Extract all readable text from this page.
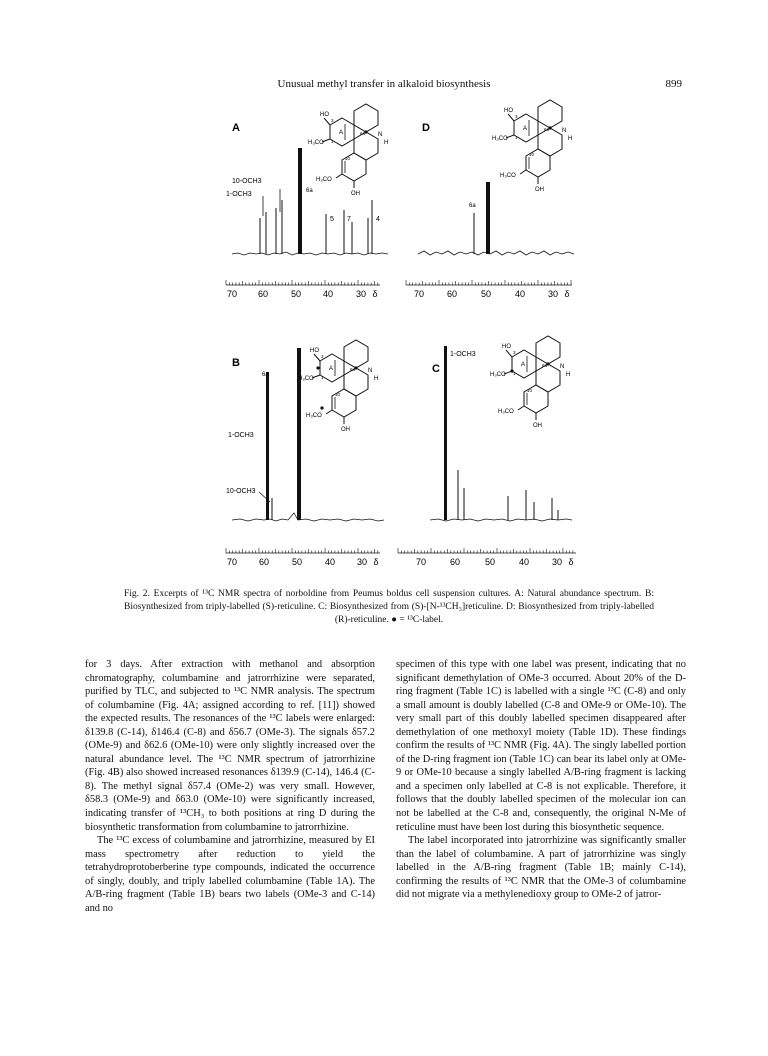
Unusual methyl transfer in alkaloid biosynthesis	899
6a	N
H
10
OH
A
10-OCH3
1-OCH3	6a
5 7	4
70 60	50 40	30 δ
D
6a
70	60	50	40	30 δ
B
6a
1-OCH3
10-OCH3
70 60	50	40 30 δ
C
1-OCH3
70	60	50	40	30 δ
Fig. 2. Excerpts of ¹³C NMR spectra of norboldine from Peumus boldus cell suspension cultures. A: Natural abundance spectrum. B: Biosynthesized from triply-labelled (S)-reticuline. C: Biosynthesized from (S)-[N-¹³CH₃]reticuline. D: Biosynthesized from triply-labelled (R)-reticuline. ● = ¹³C-label.

for 3 days. After extraction with methanol and absorption chromatography, columbamine and jatrorrhizine were separated, purified by TLC, and subjected to ¹³C NMR analysis. The spectrum of columbamine (Fig. 4A; assigned according to ref. [11]) showed the expected results. The resonances of the ¹³C labels were enlarged: δ139.8 (C-14), δ146.4 (C-8) and δ56.7 (OMe-3). The signals δ57.2 (OMe-9) and δ62.6 (OMe-10) were only slightly increased over the natural abundance level. The ¹³C NMR spectrum of jatrorrhizine (Fig. 4B) also showed increased resonances δ139.9 (C-14), 146.4 (C-8). The methyl signal δ57.4 (OMe-2) was very small. However, δ58.3 (OMe-9) and δ63.0 (OMe-10) were significantly increased, indicating transfer of ¹³CH₃ to both positions at ring D during the biosynthetic transformation from columbamine to jatrorrhizine.

The ¹³C excess of columbamine and jatrorrhizine, measured by EI mass spectrometry after reduction to yield the tetrahydroprotoberberine type compounds, indicated the occurrence of singly, doubly, and triply labelled columbamine (Table 1A). The A/B-ring fragment (Table 1B) bears two labels (OMe-3 and C-14) and no

specimen of this type with one label was present, indicating that no significant demethylation of OMe-3 occurred. About 20% of the D-ring fragment (Table 1C) is labelled with a single ¹³C (C-8) and only a small amount is doubly labelled (C-8 and OMe-9 or OMe-10). The very small part of this doubly labelled specimen disappeared after demethylation of one methoxyl moiety (Table 1D). These findings confirm the results of ¹³C NMR (Fig. 4A). The singly labelled portion of the D-ring fragment ion (Table 1C) can bear its label only at OMe-9 or OMe-10 because a singly labelled A/B-ring fragment is lacking and a specimen only labelled at C-8 is not explicable. Therefore, it follows that the doubly labelled specimen of the molecular ion can not be labelled at the C-8 and, consequently, the original N-Me of reticuline must have been lost during this biosynthetic sequence.

The label incorporated into jatrorrhizine was significantly smaller than the label of columbamine. A part of jatrorrhizine was singly labelled in the A/B-ring fragment (Table 1B; mainly C-14), confirming the results of ¹³C NMR that the OMe-3 of columbamine did not migrate via a methylenedioxy group to OMe-2 of jatror-
